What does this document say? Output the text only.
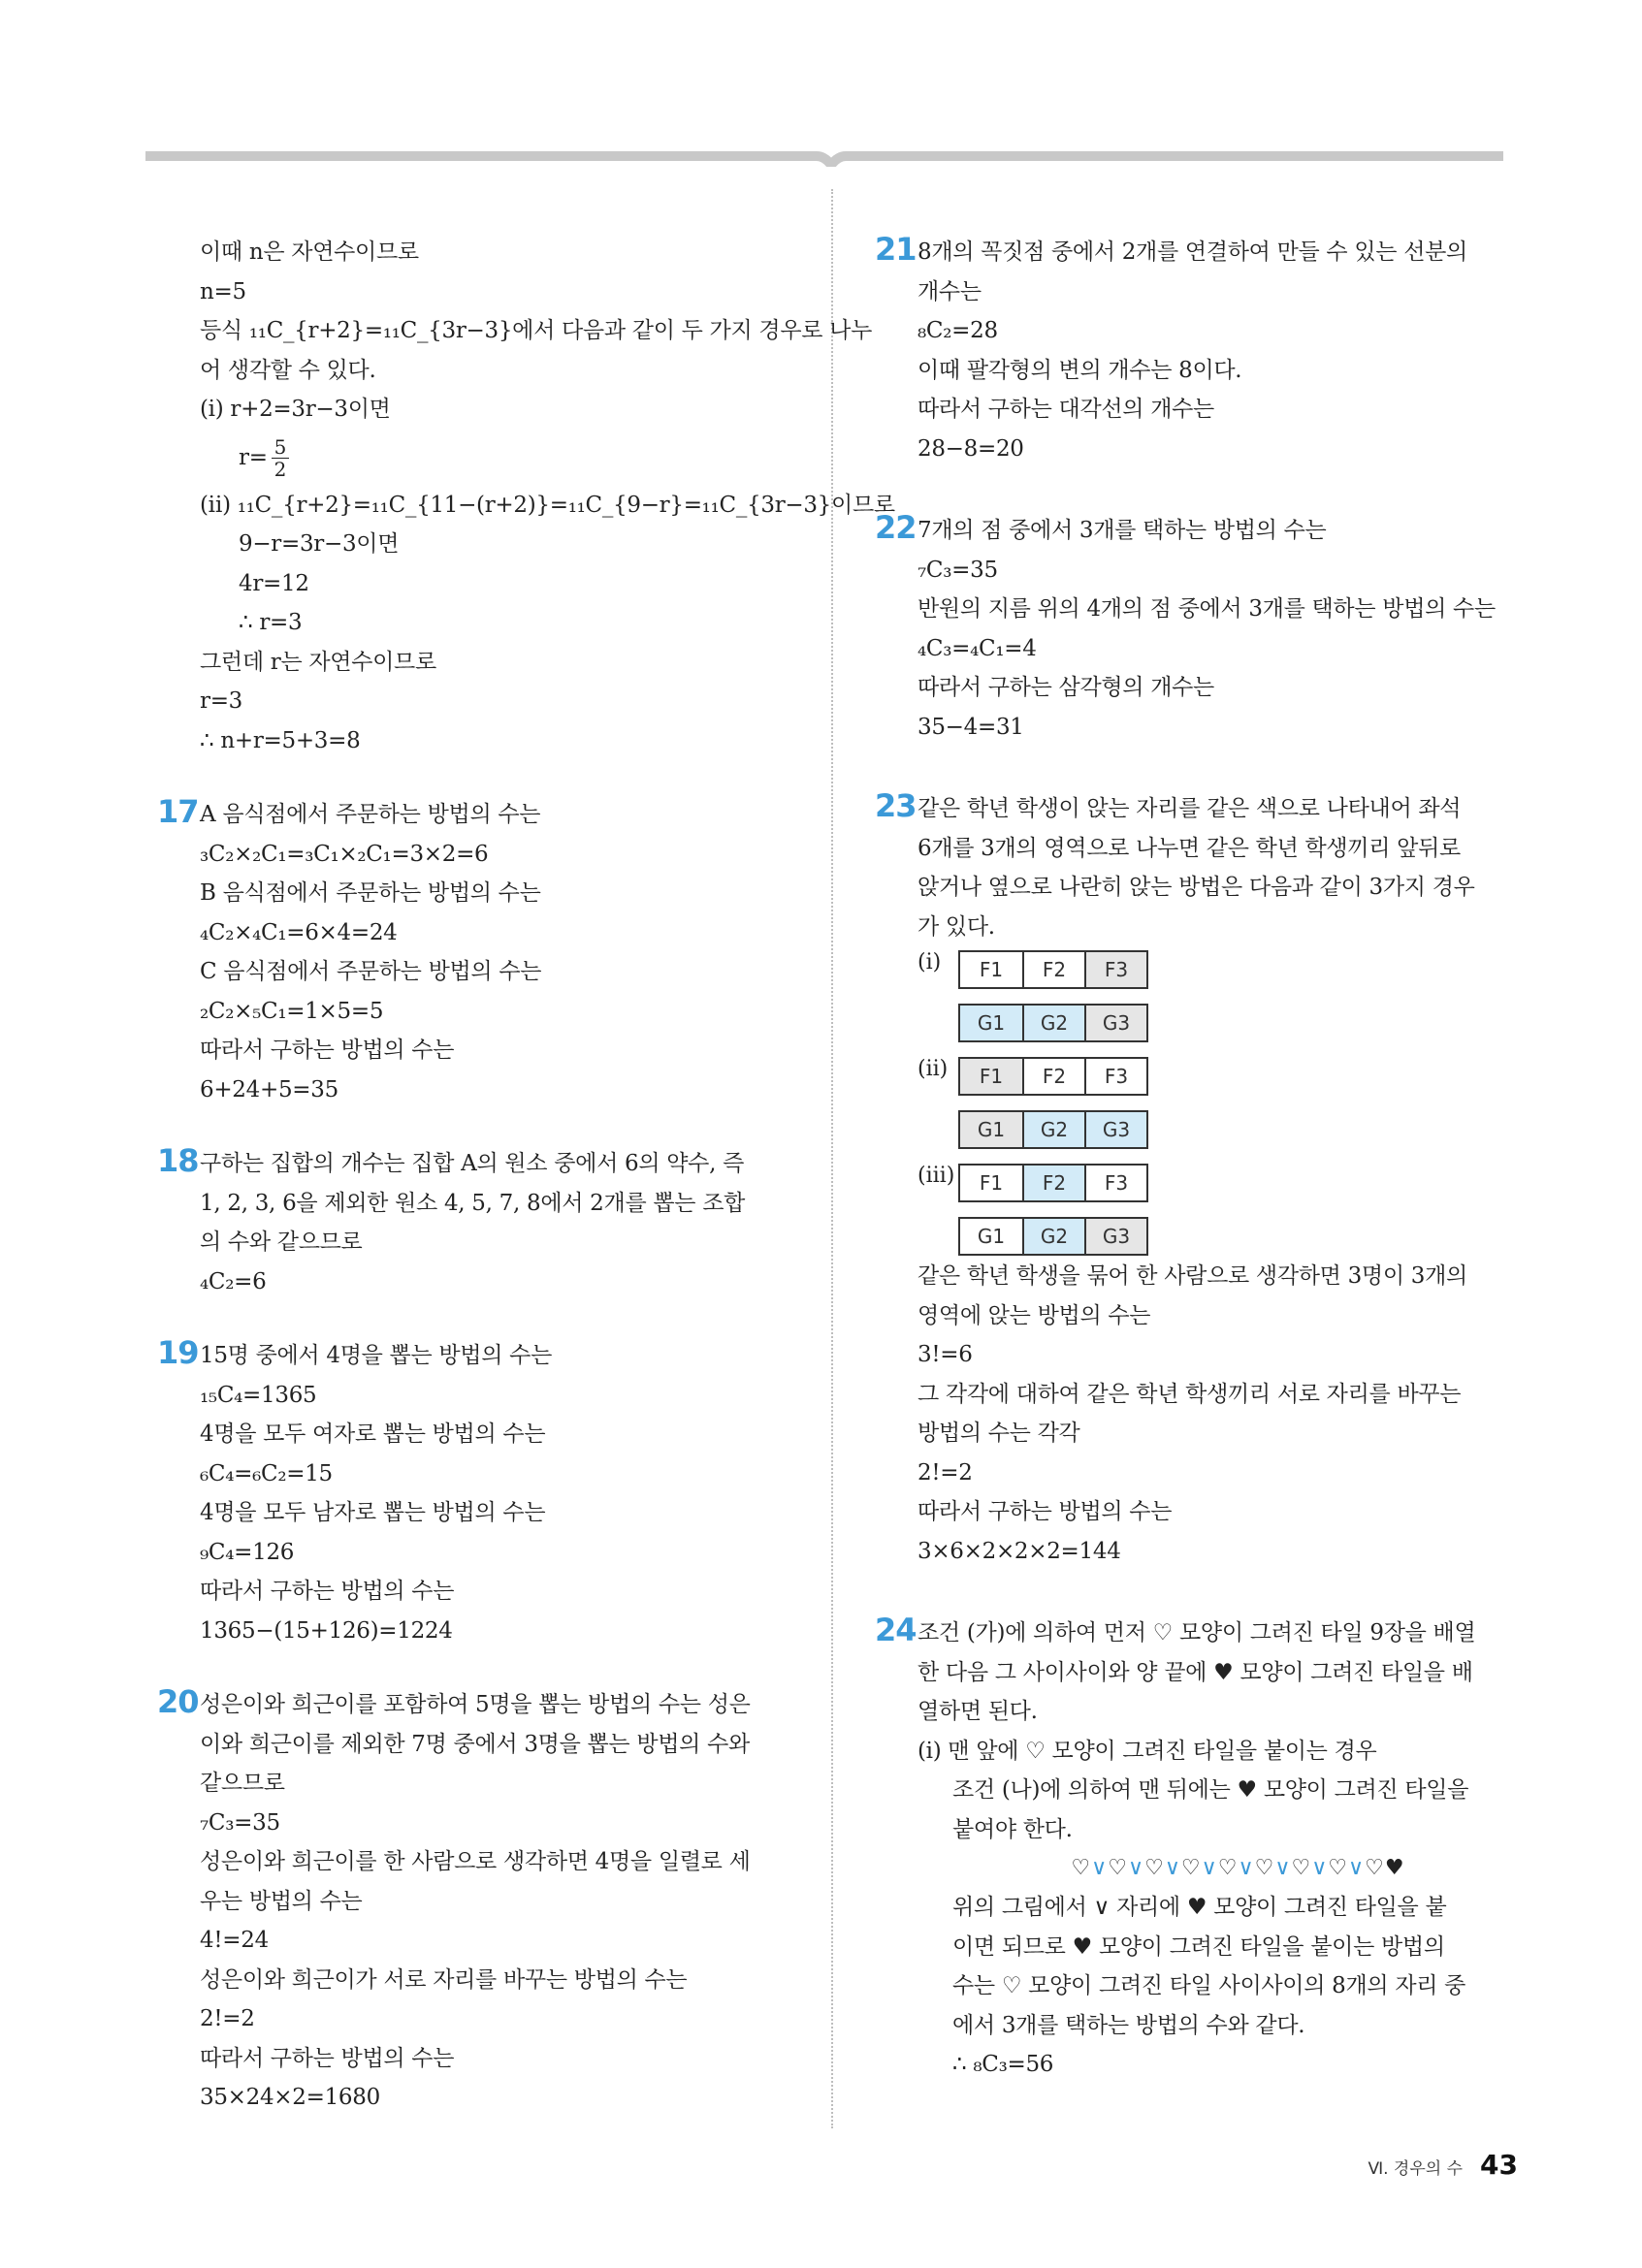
이때 n은 자연수이므로
n=5
등식 ₁₁C_{r+2}=₁₁C_{3r−3}에서 다음과 같이 두 가지 경우로 나누
어 생각할 수 있다.
(ⅰ) r+2=3r−3이면
$r= \frac{5}{2}$
(ⅱ) ₁₁C_{r+2}=₁₁C_{11−(r+2)}=₁₁C_{9−r}=₁₁C_{3r−3}이므로
9−r=3r−3이면
4r=12
∴ r=3
그런데 r는 자연수이므로
r=3
∴ n+r=5+3=8
17 A 음식점에서 주문하는 방법의 수는
₃C₂×₂C₁=₃C₁×₂C₁=3×2=6
B 음식점에서 주문하는 방법의 수는
₄C₂×₄C₁=6×4=24
C 음식점에서 주문하는 방법의 수는
₂C₂×₅C₁=1×5=5
따라서 구하는 방법의 수는
6+24+5=35
18 구하는 집합의 개수는 집합 A의 원소 중에서 6의 약수, 즉
1, 2, 3, 6을 제외한 원소 4, 5, 7, 8에서 2개를 뽑는 조합
의 수와 같으므로
₄C₂=6
19 15명 중에서 4명을 뽑는 방법의 수는
₁₅C₄=1365
4명을 모두 여자로 뽑는 방법의 수는
₆C₄=₆C₂=15
4명을 모두 남자로 뽑는 방법의 수는
₉C₄=126
따라서 구하는 방법의 수는
1365−(15+126)=1224
20 성은이와 희근이를 포함하여 5명을 뽑는 방법의 수는 성은
이와 희근이를 제외한 7명 중에서 3명을 뽑는 방법의 수와
같으므로
₇C₃=35
성은이와 희근이를 한 사람으로 생각하면 4명을 일렬로 세
우는 방법의 수는
4!=24
성은이와 희근이가 서로 자리를 바꾸는 방법의 수는
2!=2
따라서 구하는 방법의 수는
35×24×2=1680
21 8개의 꼭짓점 중에서 2개를 연결하여 만들 수 있는 선분의
개수는
₈C₂=28
이때 팔각형의 변의 개수는 8이다.
따라서 구하는 대각선의 개수는
28−8=20
22 7개의 점 중에서 3개를 택하는 방법의 수는
₇C₃=35
반원의 지름 위의 4개의 점 중에서 3개를 택하는 방법의 수는
₄C₃=₄C₁=4
따라서 구하는 삼각형의 개수는
35−4=31
23 같은 학년 학생이 앉는 자리를 같은 색으로 나타내어 좌석
6개를 3개의 영역으로 나누면 같은 학년 학생끼리 앞뒤로
앉거나 옆으로 나란히 앉는 방법은 다음과 같이 3가지 경우
가 있다.
(ⅰ)
(ⅱ)
(ⅲ)
F1	F2	F3
G1	G2	G3
F1	F2	F3
G1	G2	G3
F1	F2	F3
G1	G2	G3
같은 학년 학생을 묶어 한 사람으로 생각하면 3명이 3개의
영역에 앉는 방법의 수는
3!=6
그 각각에 대하여 같은 학년 학생끼리 서로 자리를 바꾸는
방법의 수는 각각
2!=2
따라서 구하는 방법의 수는
3×6×2×2×2=144
24 조건 (가)에 의하여 먼저 ♡ 모양이 그려진 타일 9장을 배열
한 다음 그 사이사이와 양 끝에 ♥ 모양이 그려진 타일을 배
열하면 된다.
(ⅰ) 맨 앞에 ♡ 모양이 그려진 타일을 붙이는 경우
조건 (나)에 의하여 맨 뒤에는 ♥ 모양이 그려진 타일을
붙여야 한다.
♡∨♡∨♡∨♡∨♡∨♡∨♡∨♡∨♡♥
위의 그림에서 ∨ 자리에 ♥ 모양이 그려진 타일을 붙
이면 되므로 ♥ 모양이 그려진 타일을 붙이는 방법의
수는 ♡ 모양이 그려진 타일 사이사이의 8개의 자리 중
에서 3개를 택하는 방법의 수와 같다.
∴ ₈C₃=56
Ⅵ. 경우의 수 43
